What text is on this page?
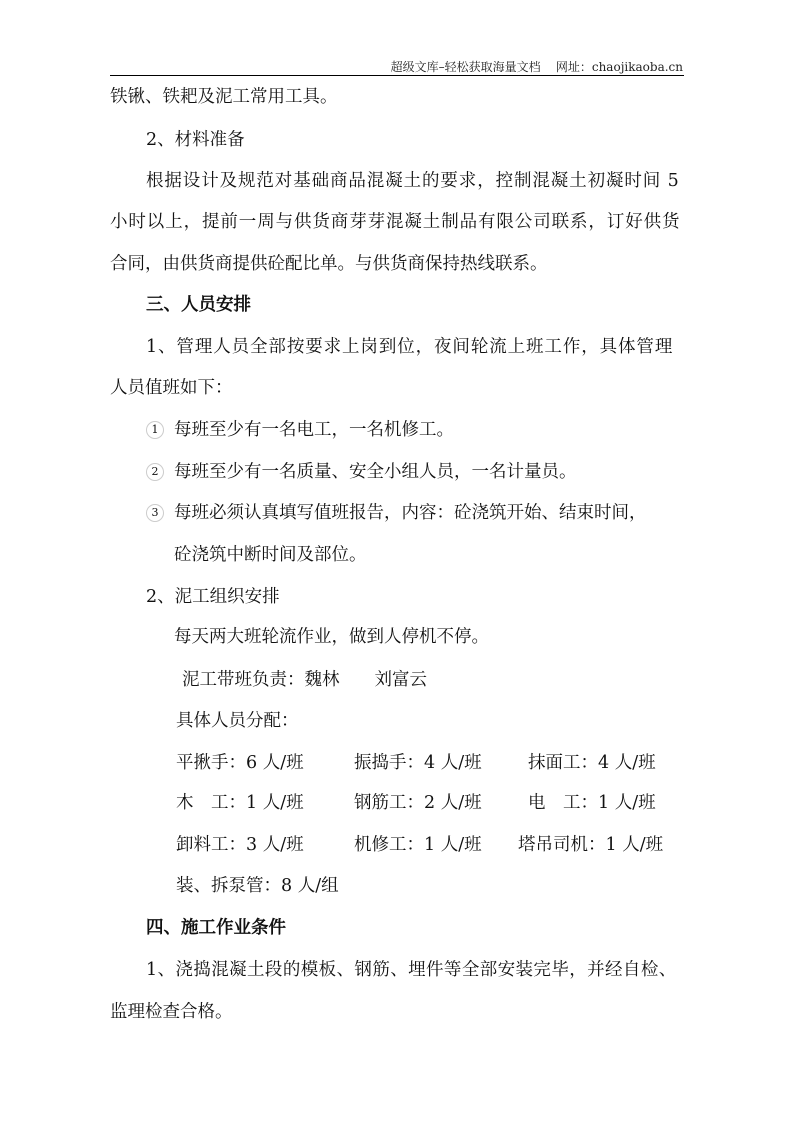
超级文库–轻松获取海量文档 网址：chaojikaoba.cn
铁锹、铁耙及泥工常用工具。
2、材料准备
根据设计及规范对基础商品混凝土的要求，控制混凝土初凝时间 5
小时以上，提前一周与供货商芽芽混凝土制品有限公司联系，订好供货
合同，由供货商提供砼配比单。与供货商保持热线联系。
三、人员安排
1、管理人员全部按要求上岗到位，夜间轮流上班工作，具体管理
人员值班如下：
1 每班至少有一名电工，一名机修工。
2 每班至少有一名质量、安全小组人员，一名计量员。
3 每班必须认真填写值班报告，内容：砼浇筑开始、结束时间，
砼浇筑中断时间及部位。
2、泥工组织安排
每天两大班轮流作业，做到人停机不停。
泥工带班负责：魏林　　刘富云
具体人员分配：
平揪手：6 人/班	振捣手：4 人/班	抹面工：4 人/班
木　工：1 人/班	钢筋工：2 人/班	电　工：1 人/班
卸料工：3 人/班	机修工：1 人/班 塔吊司机：1 人/班
装、拆泵管：8 人/组
四、施工作业条件
1、浇捣混凝土段的模板、钢筋、埋件等全部安装完毕，并经自检、
监理检查合格。
